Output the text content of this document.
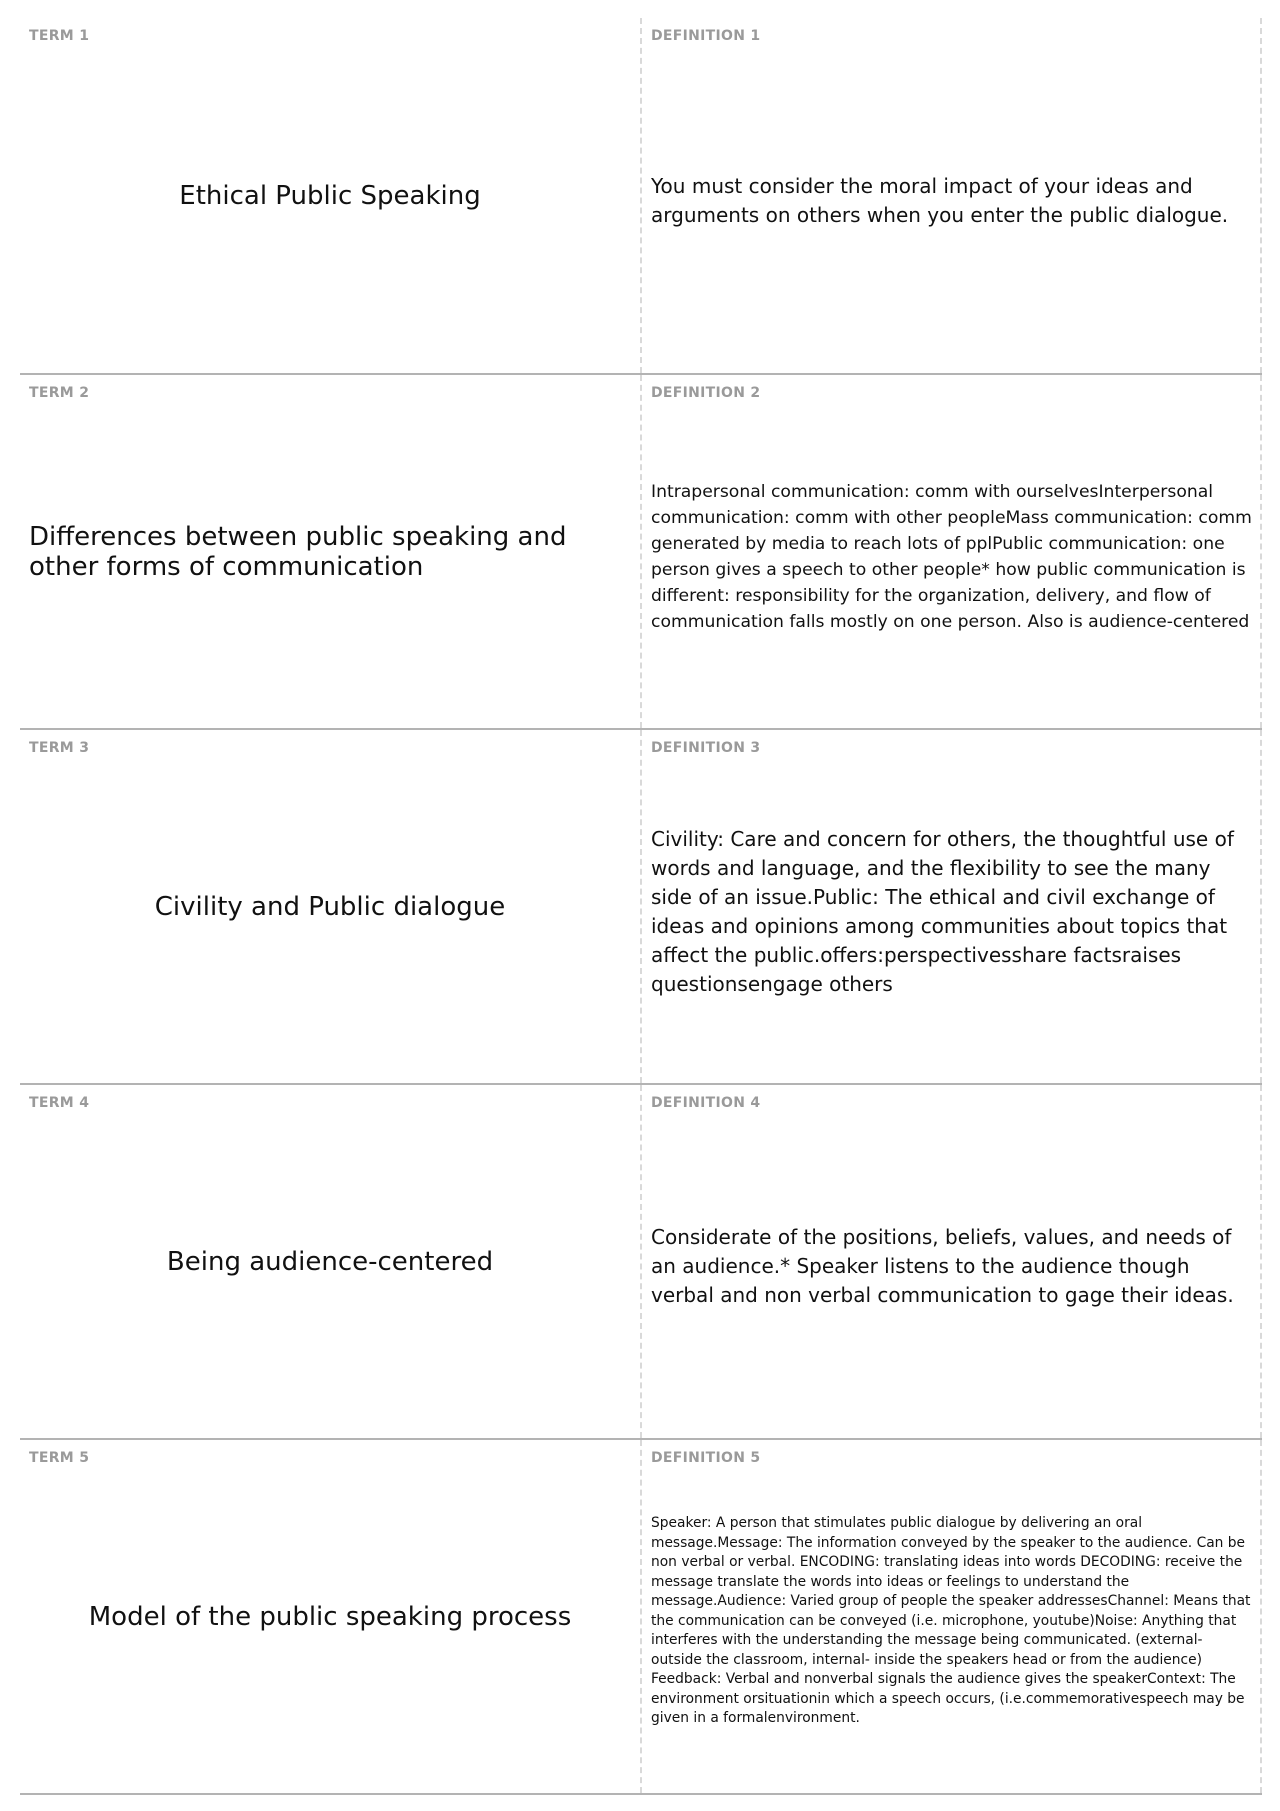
TERM 1
Ethical Public Speaking
DEFINITION 1
You must consider the moral impact of your ideas and arguments on others when you enter the public dialogue.
TERM 2
Differences between public speaking and other forms of communication
DEFINITION 2
Intrapersonal communication: comm with ourselvesInterpersonal communication: comm with other peopleMass communication: comm generated by media to reach lots of pplPublic communication: one person gives a speech to other people* how public communication is different: responsibility for the organization, delivery, and flow of communication falls mostly on one person. Also is audience-centered
TERM 3
Civility and Public dialogue
DEFINITION 3
Civility: Care and concern for others, the thoughtful use of words and language, and the flexibility to see the many side of an issue.Public: The ethical and civil exchange of ideas and opinions among communities about topics that affect the public.offers:perspectivesshare factsraises questionsengage others
TERM 4
Being audience-centered
DEFINITION 4
Considerate of the positions, beliefs, values, and needs of an audience.* Speaker listens to the audience though verbal and non verbal communication to gage their ideas.
TERM 5
Model of the public speaking process
DEFINITION 5
Speaker: A person that stimulates public dialogue by delivering an oral message.Message: The information conveyed by the speaker to the audience. Can be non verbal or verbal. ENCODING: translating ideas into words DECODING: receive the message translate the words into ideas or feelings to understand the message.Audience: Varied group of people the speaker addressesChannel: Means that the communication can be conveyed (i.e. microphone, youtube)Noise: Anything that interferes with the understanding the message being communicated. (external- outside the classroom, internal- inside the speakers head or from the audience) Feedback: Verbal and nonverbal signals the audience gives the speakerContext: The environment orsituationin which a speech occurs, (i.e.commemorativespeech may be given in a formalenvironment.
